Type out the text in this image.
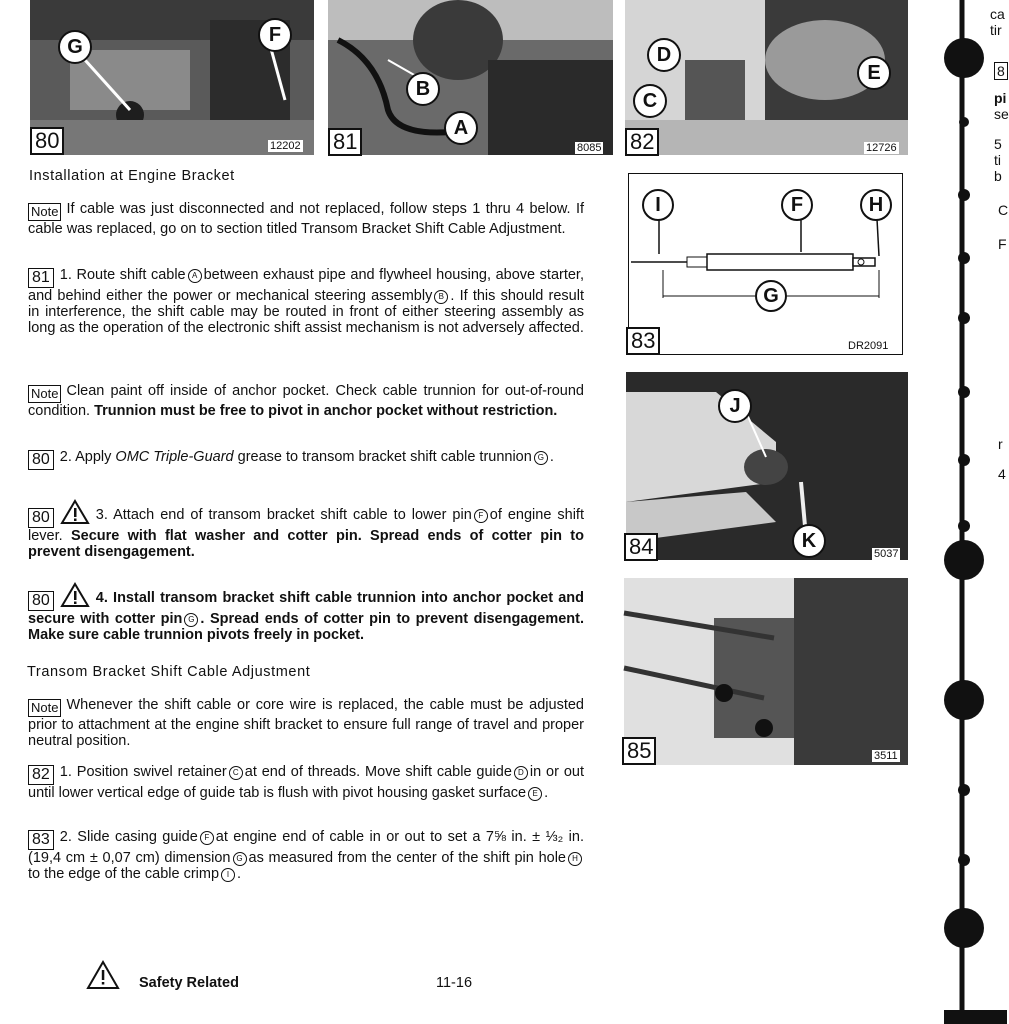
G
F
80	12202
B
A
81	8085
D
E
C
82	12726
I	F	H
G
83	DR2091
J
K
84	5037
85	3511
Installation at Engine Bracket
Note If cable was just disconnected and not replaced, follow steps 1 thru 4 below. If cable was replaced, go on to section titled Transom Bracket Shift Cable Adjustment.
81 1. Route shift cable A between exhaust pipe and flywheel housing, above starter, and behind either the power or mechanical steering assembly B . If this should result in interference, the shift cable may be routed in front of either steering assembly as long as the operation of the electronic shift assist mechanism is not adversely affected.
Note Clean paint off inside of anchor pocket. Check cable trunnion for out-of-round condition. Trunnion must be free to pivot in anchor pocket without restriction.
80 2. Apply OMC Triple-Guard grease to transom bracket shift cable trunnion G .
80	3. Attach end of transom bracket shift cable to lower pin F of engine shift lever. Secure with flat washer and cotter pin. Spread ends of cotter pin to prevent disengagement.
80	4. Install transom bracket shift cable trunnion into anchor pocket and secure with cotter pin G . Spread ends of cotter pin to prevent disengagement. Make sure cable trunnion pivots freely in pocket.
Transom Bracket Shift Cable Adjustment
Note Whenever the shift cable or core wire is replaced, the cable must be adjusted prior to attachment at the engine shift bracket to ensure full range of travel and proper neutral position.
82 1. Position swivel retainer C at end of threads. Move shift cable guide D in or out until lower vertical edge of guide tab is flush with pivot housing gasket surface E .
83 2. Slide casing guide F at engine end of cable in or out to set a 7⅝ in. ± ⅓₂ in. (19,4 cm ± 0,07 cm) dimension G as measured from the center of the shift pin hole Hto the edge of the cable crimp I .
Safety Related	11-16
ca
tir
8
pi
se
5
ti
b
C
F
r
4
